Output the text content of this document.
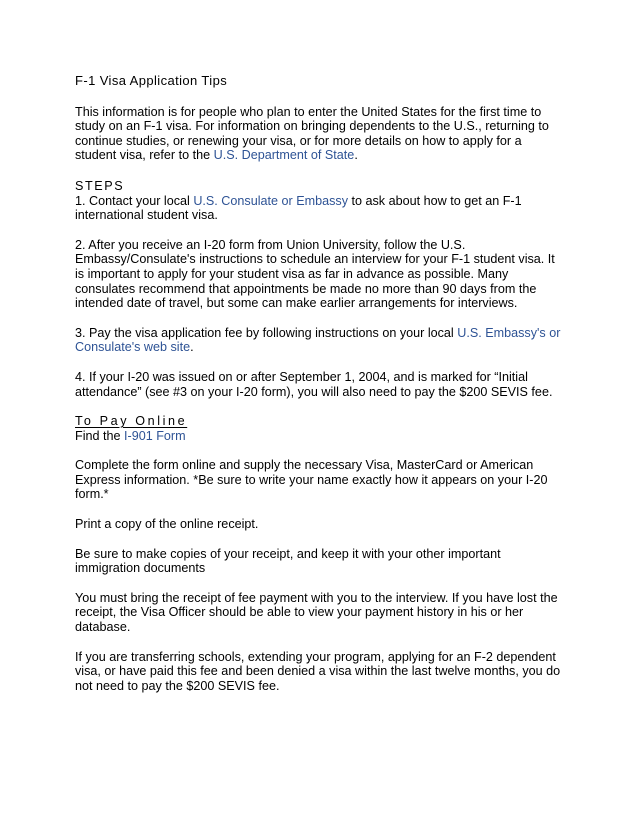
F-1 Visa Application Tips

This information is for people who plan to enter the United States for the first time to study on an F-1 visa. For information on bringing dependents to the U.S., returning to continue studies, or renewing your visa, or for more details on how to apply for a student visa, refer to the U.S. Department of State.

STEPS

1. Contact your local U.S. Consulate or Embassy to ask about how to get an F-1 international student visa.

2. After you receive an I-20 form from Union University, follow the U.S. Embassy/Consulate's instructions to schedule an interview for your F-1 student visa. It is important to apply for your student visa as far in advance as possible. Many consulates recommend that appointments be made no more than 90 days from the intended date of travel, but some can make earlier arrangements for interviews.

3. Pay the visa application fee by following instructions on your local U.S. Embassy's or Consulate's web site.

4. If your I-20 was issued on or after September 1, 2004, and is marked for “Initial attendance” (see #3 on your I-20 form), you will also need to pay the $200 SEVIS fee.

To Pay Online

Find the I-901 Form

Complete the form online and supply the necessary Visa, MasterCard or American Express information. *Be sure to write your name exactly how it appears on your I-20 form.*

Print a copy of the online receipt.

Be sure to make copies of your receipt, and keep it with your other important immigration documents

You must bring the receipt of fee payment with you to the interview. If you have lost the receipt, the Visa Officer should be able to view your payment history in his or her database.

If you are transferring schools, extending your program, applying for an F-2 dependent visa, or have paid this fee and been denied a visa within the last twelve months, you do not need to pay the $200 SEVIS fee.
